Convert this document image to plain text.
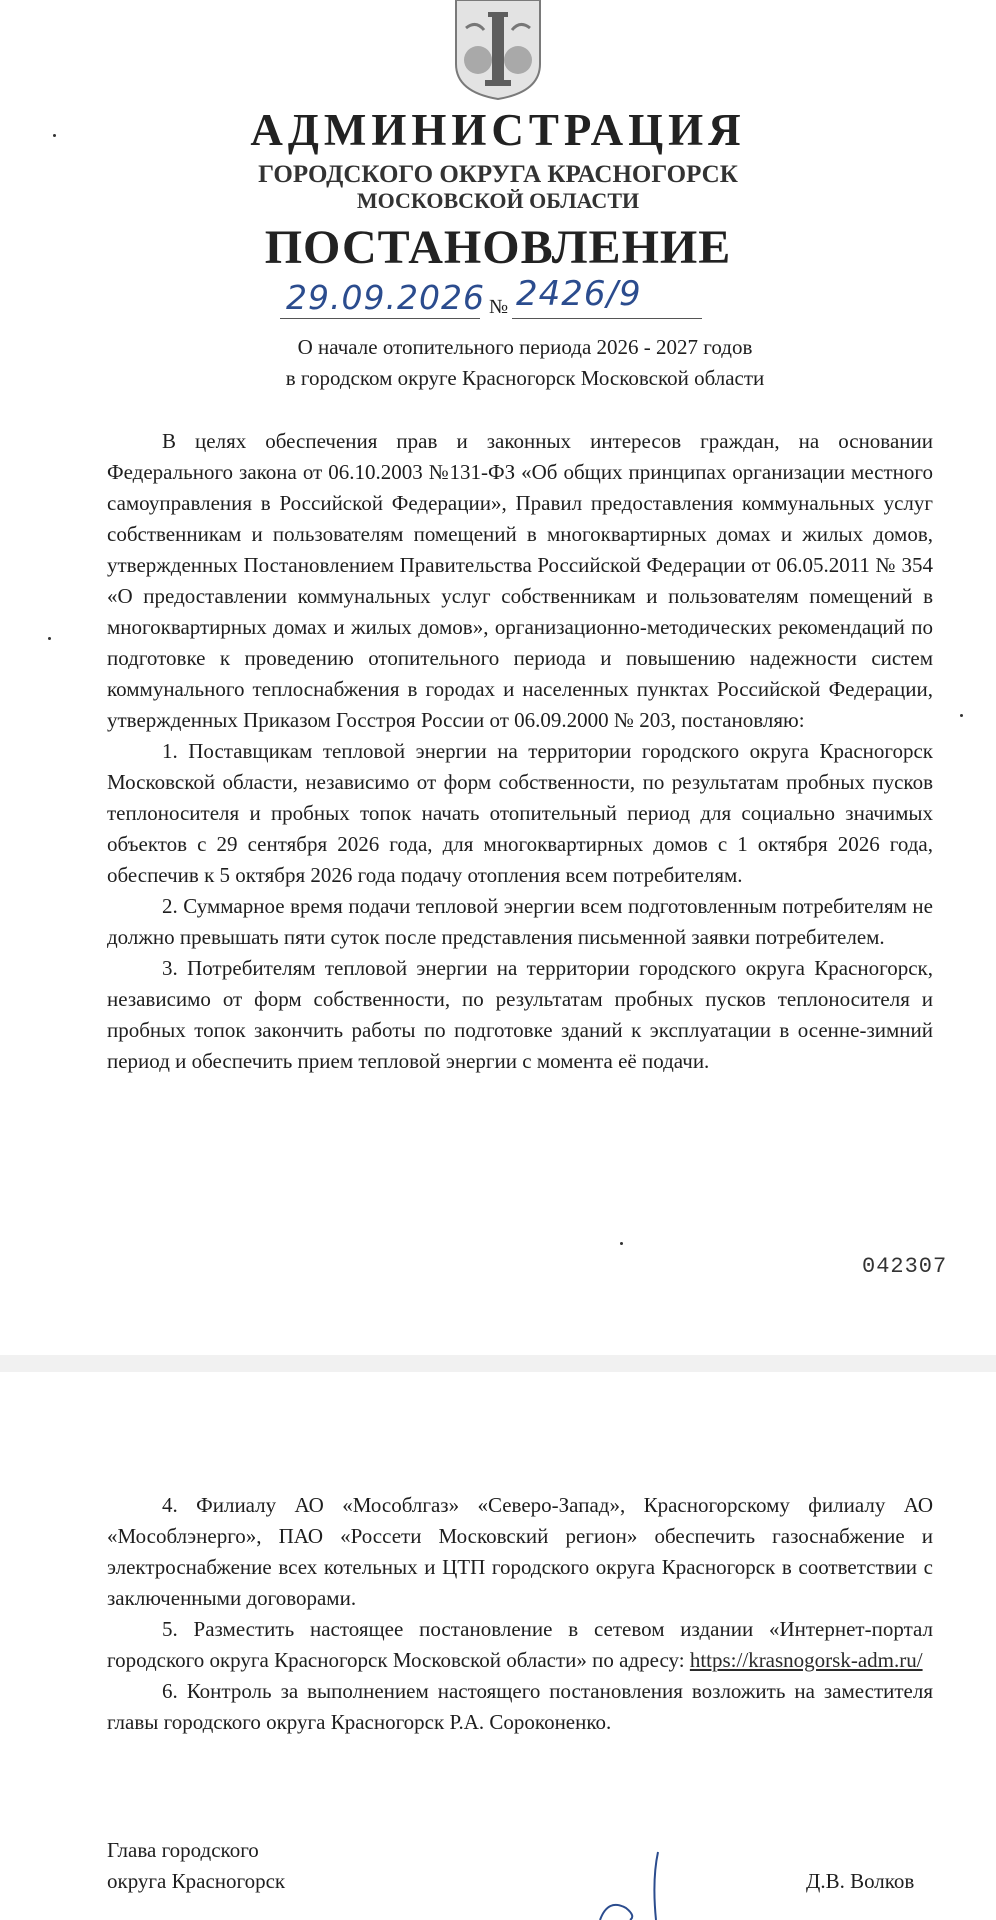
АДМИНИСТРАЦИЯ
ГОРОДСКОГО ОКРУГА КРАСНОГОРСК
МОСКОВСКОЙ ОБЛАСТИ
ПОСТАНОВЛЕНИЕ
29.09.2026 № 2426/9
О начале отопительного периода 2026 - 2027 годов
в городском округе Красногорск Московской области

В целях обеспечения прав и законных интересов граждан, на основании Федерального закона от 06.10.2003 №131-ФЗ «Об общих принципах организации местного самоуправления в Российской Федерации», Правил предоставления коммунальных услуг собственникам и пользователям помещений в многоквартирных домах и жилых домов, утвержденных Постановлением Правительства Российской Федерации от 06.05.2011 № 354 «О предоставлении коммунальных услуг собственникам и пользователям помещений в многоквартирных домах и жилых домов», организационно-методических рекомендаций по подготовке к проведению отопительного периода и повышению надежности систем коммунального теплоснабжения в городах и населенных пунктах Российской Федерации, утвержденных Приказом Госстроя России от 06.09.2000 № 203, постановляю:

1. Поставщикам тепловой энергии на территории городского округа Красногорск Московской области, независимо от форм собственности, по результатам пробных пусков теплоносителя и пробных топок начать отопительный период для социально значимых объектов с 29 сентября 2026 года, для многоквартирных домов с 1 октября 2026 года, обеспечив к 5 октября 2026 года подачу отопления всем потребителям.

2. Суммарное время подачи тепловой энергии всем подготовленным потребителям не должно превышать пяти суток после представления письменной заявки потребителем.

3. Потребителям тепловой энергии на территории городского округа Красногорск, независимо от форм собственности, по результатам пробных пусков теплоносителя и пробных топок закончить работы по подготовке зданий к эксплуатации в осенне-зимний период и обеспечить прием тепловой энергии с момента её подачи.

042307

4. Филиалу АО «Мособлгаз» «Северо-Запад», Красногорскому филиалу АО «Мособлэнерго», ПАО «Россети Московский регион» обеспечить газоснабжение и электроснабжение всех котельных и ЦТП городского округа Красногорск в соответствии с заключенными договорами.

5. Разместить настоящее постановление в сетевом издании «Интернет-портал городского округа Красногорск Московской области» по адресу: https://krasnogorsk-adm.ru/

6. Контроль за выполнением настоящего постановления возложить на заместителя главы городского округа Красногорск Р.А. Сороконенко.

Глава городского
округа Красногорск	Д.В. Волков
